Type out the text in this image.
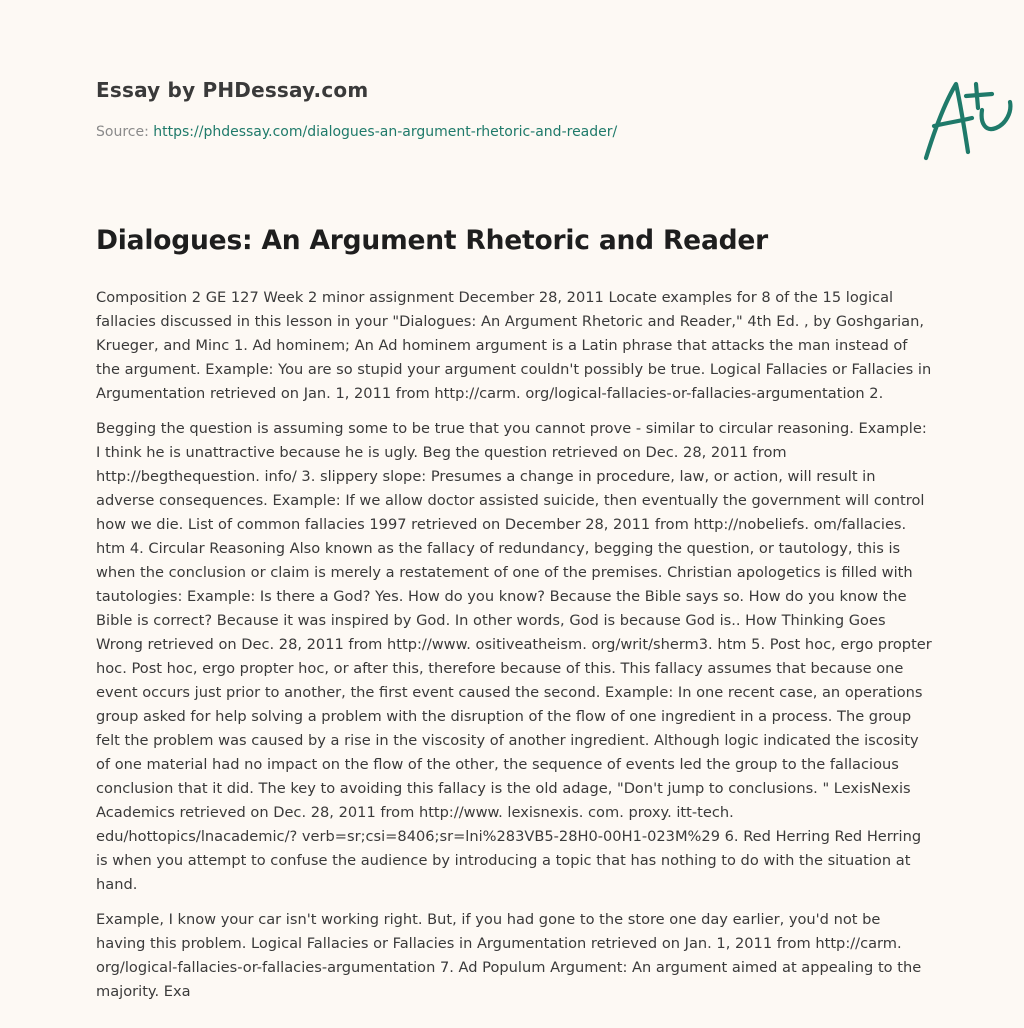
Essay by PHDessay.com
Source: https://phdessay.com/dialogues-an-argument-rhetoric-and-reader/
Dialogues: An Argument Rhetoric and Reader

Composition 2 GE 127 Week 2 minor assignment December 28, 2011 Locate examples for 8 of the 15 logical fallacies discussed in this lesson in your "Dialogues: An Argument Rhetoric and Reader," 4th Ed. , by Goshgarian, Krueger, and Minc 1. Ad hominem; An Ad hominem argument is a Latin phrase that attacks the man instead of the argument. Example: You are so stupid your argument couldn't possibly be true. Logical Fallacies or Fallacies in Argumentation retrieved on Jan. 1, 2011 from http://carm. org/logical-fallacies-or-fallacies-argumentation 2.

Begging the question is assuming some to be true that you cannot prove - similar to circular reasoning. Example: I think he is unattractive because he is ugly. Beg the question retrieved on Dec. 28, 2011 from http://begthequestion. info/ 3. slippery slope: Presumes a change in procedure, law, or action, will result in adverse consequences. Example: If we allow doctor assisted suicide, then eventually the government will control how we die. List of common fallacies 1997 retrieved on December 28, 2011 from http://nobeliefs. om/fallacies. htm 4. Circular Reasoning Also known as the fallacy of redundancy, begging the question, or tautology, this is when the conclusion or claim is merely a restatement of one of the premises. Christian apologetics is filled with tautologies: Example: Is there a God? Yes. How do you know? Because the Bible says so. How do you know the Bible is correct? Because it was inspired by God. In other words, God is because God is.. How Thinking Goes Wrong retrieved on Dec. 28, 2011 from http://www. ositiveatheism. org/writ/sherm3. htm 5. Post hoc, ergo propter hoc. Post hoc, ergo propter hoc, or after this, therefore because of this. This fallacy assumes that because one event occurs just prior to another, the first event caused the second. Example: In one recent case, an operations group asked for help solving a problem with the disruption of the flow of one ingredient in a process. The group felt the problem was caused by a rise in the viscosity of another ingredient. Although logic indicated the iscosity of one material had no impact on the flow of the other, the sequence of events led the group to the fallacious conclusion that it did. The key to avoiding this fallacy is the old adage, "Don't jump to conclusions. " LexisNexis Academics retrieved on Dec. 28, 2011 from http://www. lexisnexis. com. proxy. itt-tech. edu/hottopics/lnacademic/? verb=sr;csi=8406;sr=lni%283VB5-28H0-00H1-023M%29 6. Red Herring Red Herring is when you attempt to confuse the audience by introducing a topic that has nothing to do with the situation at hand.

Example, I know your car isn't working right. But, if you had gone to the store one day earlier, you'd not be having this problem. Logical Fallacies or Fallacies in Argumentation retrieved on Jan. 1, 2011 from http://carm. org/logical-fallacies-or-fallacies-argumentation 7. Ad Populum Argument: An argument aimed at appealing to the majority. Exa
